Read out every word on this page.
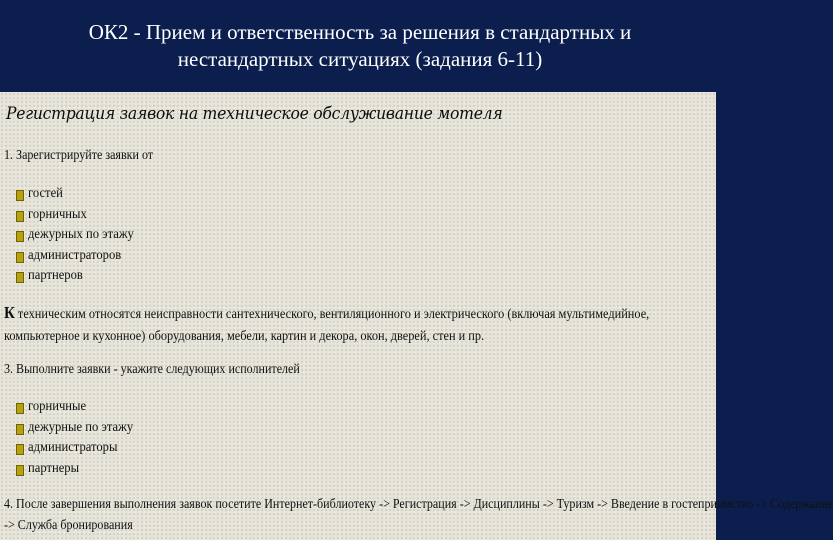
ОК2 - Прием и ответственность за решения в стандартных и нестандартных ситуациях (задания 6-11)
Регистрация заявок на техническое обслуживание мотеля
1. Зарегистрируйте заявки от
гостей
горничных
дежурных по этажу
администраторов
партнеров
К техническим относятся неисправности сантехнического, вентиляционного и электрического (включая мультимедийное, компьютерное и кухонное) оборудования, мебели, картин и декора, окон, дверей, стен и пр.
3. Выполните заявки - укажите следующих исполнителей
горничные
дежурные по этажу
администраторы
партнеры
4. После завершения выполнения заявок посетите Интернет-библиотеку -> Регистрация -> Дисциплины -> Туризм -> Введение в гостеприимство -> Содержание
-> Служба бронирования
